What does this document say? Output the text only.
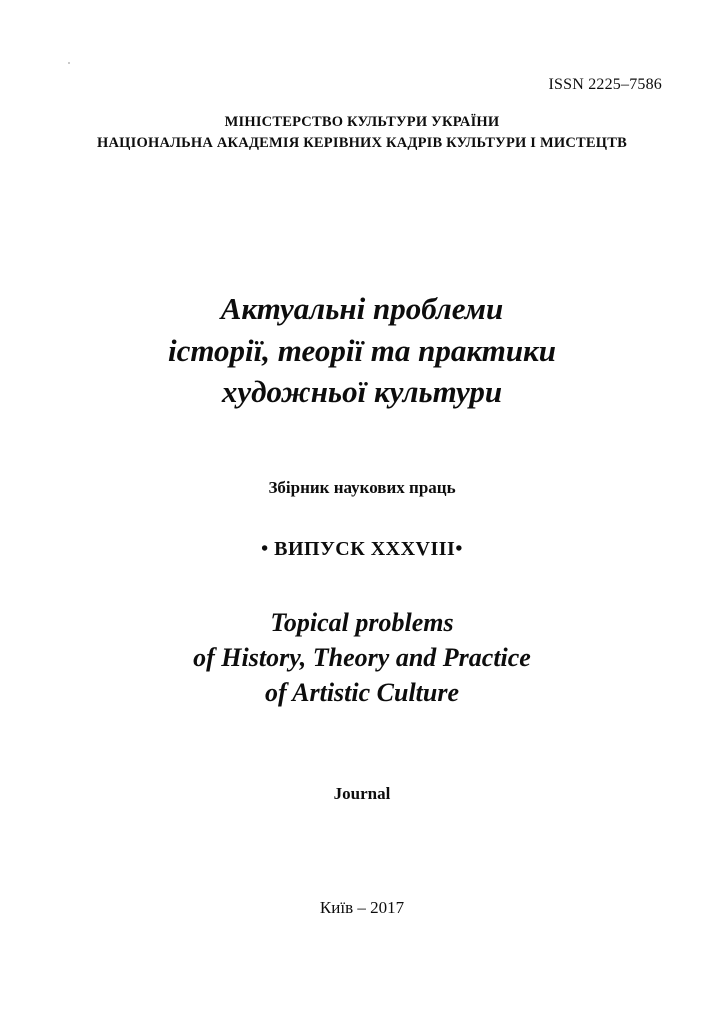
ISSN 2225–7586
МІНІСТЕРСТВО КУЛЬТУРИ УКРАЇНИ
НАЦІОНАЛЬНА АКАДЕМІЯ КЕРІВНИХ КАДРІВ КУЛЬТУРИ І МИСТЕЦТВ
Актуальні проблеми
історії, теорії та практики
художньої культури
Збірник наукових праць
• ВИПУСК XXXVIII•
Topical problems
of History, Theory and Practice
of Artistic Culture
Journal
Київ – 2017
